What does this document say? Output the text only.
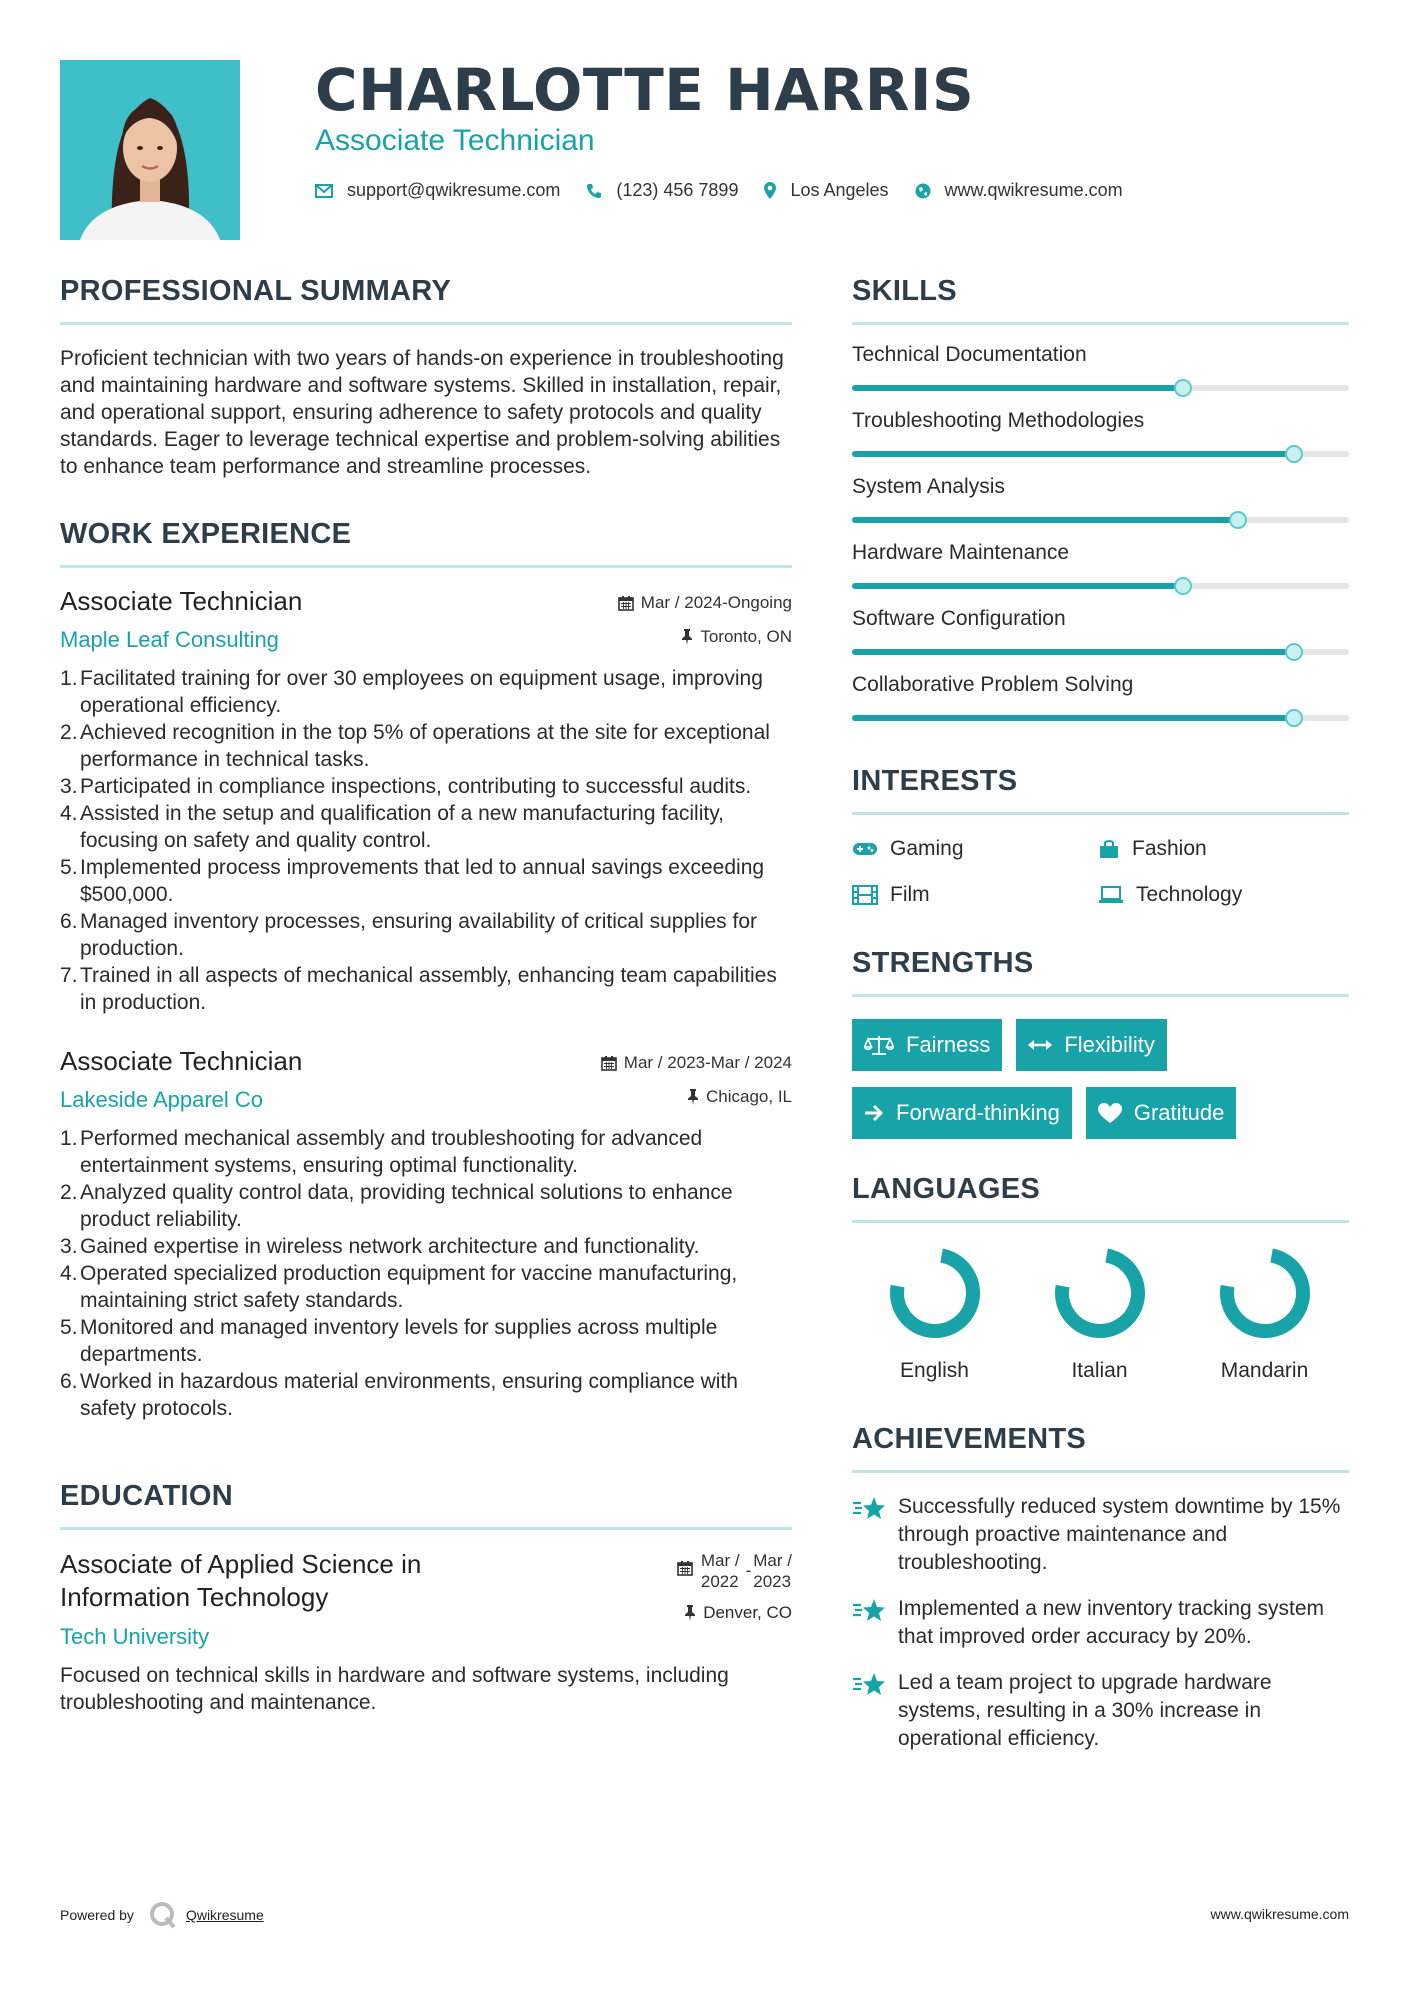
CHARLOTTE HARRIS
Associate Technician
support@qwikresume.com	(123) 456 7899	Los Angeles	www.qwikresume.com
PROFESSIONAL SUMMARY

Proficient technician with two years of hands-on experience in troubleshooting and maintaining hardware and software systems. Skilled in installation, repair, and operational support, ensuring adherence to safety protocols and quality standards. Eager to leverage technical expertise and problem-solving abilities to enhance team performance and streamline processes.

WORK EXPERIENCE
Associate Technician
Maple Leaf Consulting
Mar / 2024-Ongoing
Toronto, ON
Facilitated training for over 30 employees on equipment usage, improving operational efficiency.
Achieved recognition in the top 5% of operations at the site for exceptional performance in technical tasks.
Participated in compliance inspections, contributing to successful audits.
Assisted in the setup and qualification of a new manufacturing facility, focusing on safety and quality control.
Implemented process improvements that led to annual savings exceeding $500,000.
Managed inventory processes, ensuring availability of critical supplies for production.
Trained in all aspects of mechanical assembly, enhancing team capabilities in production.
Associate Technician
Lakeside Apparel Co
Mar / 2023-Mar / 2024
Chicago, IL
Performed mechanical assembly and troubleshooting for advanced entertainment systems, ensuring optimal functionality.
Analyzed quality control data, providing technical solutions to enhance product reliability.
Gained expertise in wireless network architecture and functionality.
Operated specialized production equipment for vaccine manufacturing, maintaining strict safety standards.
Monitored and managed inventory levels for supplies across multiple departments.
Worked in hazardous material environments, ensuring compliance with safety protocols.
EDUCATION
Associate of Applied Science in Information Technology
Tech University
Mar /
2022
-
Mar /
2023
Denver, CO

Focused on technical skills in hardware and software systems, including troubleshooting and maintenance.

SKILLS
Technical Documentation
Troubleshooting Methodologies
System Analysis
Hardware Maintenance
Software Configuration
Collaborative Problem Solving
INTERESTS
Gaming	Fashion
Film	Technology
STRENGTHS
Fairness	Flexibility
Forward-thinking	Gratitude
LANGUAGES
English	Italian	Mandarin
ACHIEVEMENTS
Successfully reduced system downtime by 15% through proactive maintenance and troubleshooting.
Implemented a new inventory tracking system that improved order accuracy by 20%.
Led a team project to upgrade hardware systems, resulting in a 30% increase in operational efficiency.
Powered by	Qwikresume	www.qwikresume.com
